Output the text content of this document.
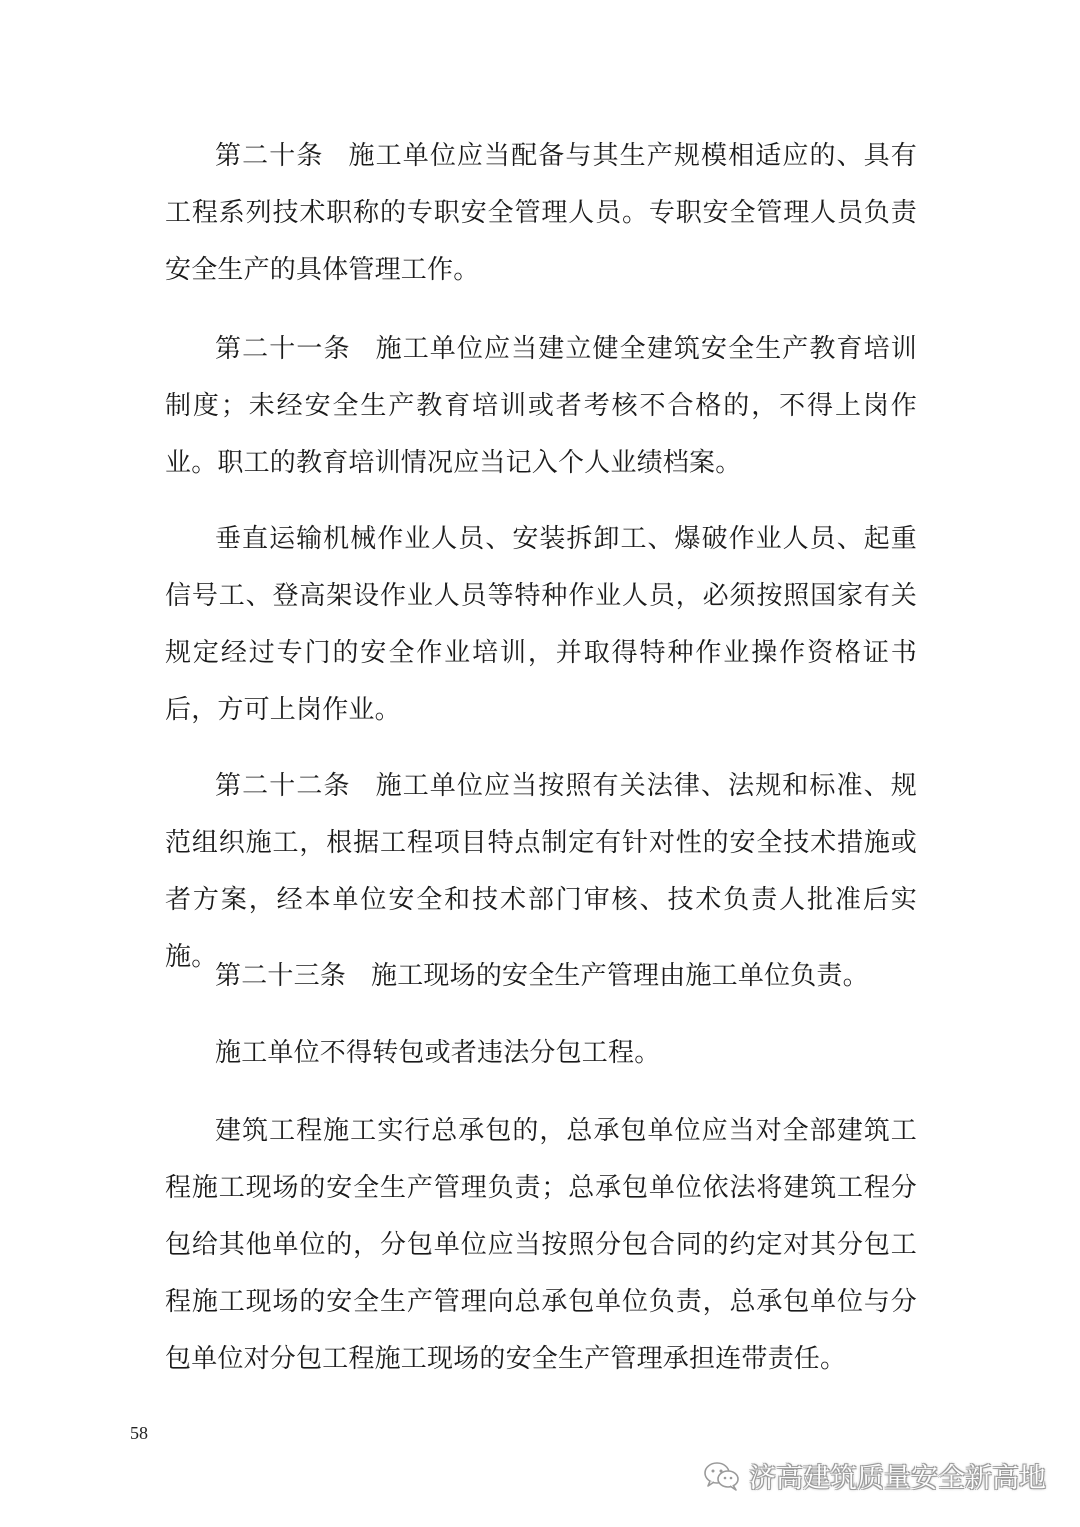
第二十条 施工单位应当配备与其生产规模相适应的、具有工程系列技术职称的专职安全管理人员。专职安全管理人员负责安全生产的具体管理工作。

第二十一条 施工单位应当建立健全建筑安全生产教育培训制度；未经安全生产教育培训或者考核不合格的，不得上岗作业。职工的教育培训情况应当记入个人业绩档案。

垂直运输机械作业人员、安装拆卸工、爆破作业人员、起重信号工、登高架设作业人员等特种作业人员，必须按照国家有关规定经过专门的安全作业培训，并取得特种作业操作资格证书后，方可上岗作业。

第二十二条 施工单位应当按照有关法律、法规和标准、规范组织施工，根据工程项目特点制定有针对性的安全技术措施或者方案，经本单位安全和技术部门审核、技术负责人批准后实施。

第二十三条 施工现场的安全生产管理由施工单位负责。

施工单位不得转包或者违法分包工程。

建筑工程施工实行总承包的，总承包单位应当对全部建筑工程施工现场的安全生产管理负责；总承包单位依法将建筑工程分包给其他单位的，分包单位应当按照分包合同的约定对其分包工程施工现场的安全生产管理向总承包单位负责，总承包单位与分包单位对分包工程施工现场的安全生产管理承担连带责任。

58
济高建筑质量安全新高地
